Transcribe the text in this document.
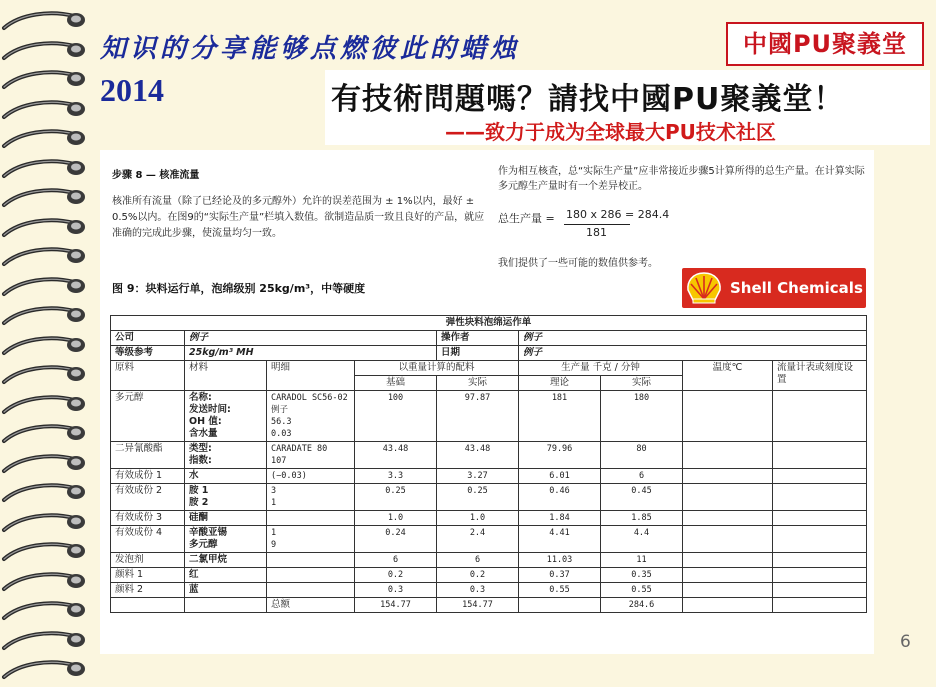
知识的分享能够点燃彼此的蜡烛
2014
中國PU聚義堂
有技術問題嗎？請找中國PU聚義堂！
——致力于成为全球最大PU技术社区
步骤 8 — 核准流量
核准所有流量（除了已经论及的多元醇外）允许的误差范围为 ± 1%以内，最好 ± 0.5%以内。在图9的“实际生产量”栏填入数值。欲制造品质一致且良好的产品，就应准确的完成此步骤，使流量均匀一致。
作为相互核查，总“实际生产量”应非常接近步骤5计算所得的总生产量。在计算实际多元醇生产量时有一个差异校正。
总生产量 = 180 x 286 = 284.4
181
我们提供了一些可能的数值供参考。
图 9：块料运行单，泡绵级别 25kg/m³，中等硬度	Shell Chemicals
弹性块料泡绵运作单								
公司	例子			操作者	例子			
等级参考	25kg/m³ MH			日期	例子			
原料	材料	明细	以重量计算的配料		生产量 千克 / 分钟		温度℃	流量计表或刻度设置
			基础	实际	理论	实际		
多元醇	名称:
发送时间:
OH 值:
含水量	CARADOL SC56-02
例子
56.3
0.03	100	97.87	181	180		
二异氰酸酯	类型:
指数:	CARADATE 80
107	43.48	43.48	79.96	80		
有效成份 1	水	(−0.03)	3.3	3.27	6.01	6		
有效成份 2	胺 1
胺 2	3
1	0.25	0.25	0.46	0.45		
有效成份 3	硅酮		1.0	1.0	1.84	1.85		
有效成份 4	辛酸亚锡
多元醇	1
9	0.24	2.4	4.41	4.4		
发泡剂	二氯甲烷		6	6	11.03	11		
颜料 1	红		0.2	0.2	0.37	0.35		
颜料 2	蓝		0.3	0.3	0.55	0.55		
		总额	154.77	154.77		284.6		
6
